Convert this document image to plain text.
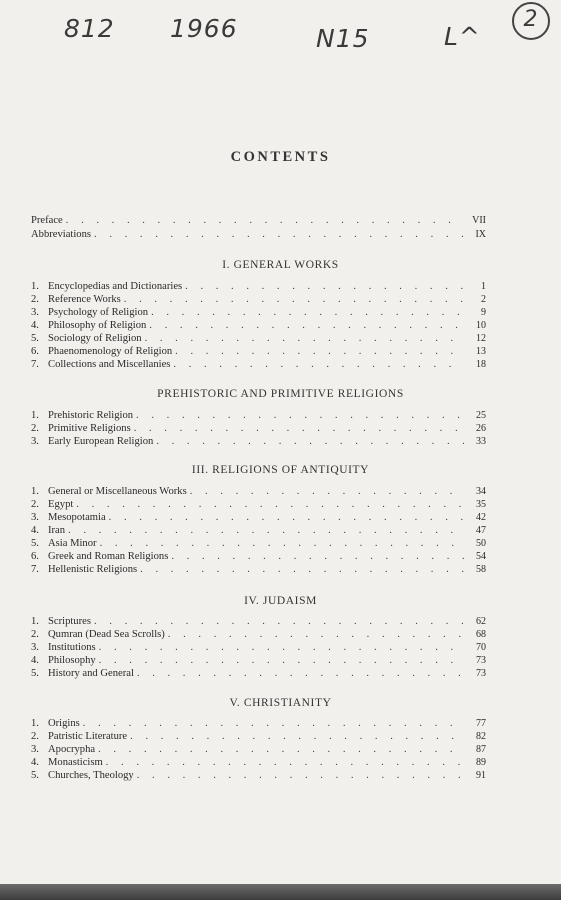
812 1966	N15	L^
2
CONTENTS
Preface . . .	VII
Abbreviations . . .	IX
I. GENERAL WORKS
1. Encyclopedias and Dictionaries . . .	1
2. Reference Works . . .	2
3. Psychology of Religion . . .	9
4. Philosophy of Religion . . .	10
5. Sociology of Religion . . .	12
6. Phaenomenology of Religion . . .	13
7. Collections and Miscellanies . . .	18
PREHISTORIC AND PRIMITIVE RELIGIONS
1. Prehistoric Religion . . .	25
2. Primitive Religions . . .	26
3. Early European Religion . . .	33
III. RELIGIONS OF ANTIQUITY
1. General or Miscellaneous Works . . .	34
2. Egypt . . .	35
3. Mesopotamia . . .	42
4. Iran . . .	47
5. Asia Minor . . .	50
6. Greek and Roman Religions . . .	54
7. Hellenistic Religions . . .	58
IV. JUDAISM
1. Scriptures . . .	62
2. Qumran (Dead Sea Scrolls) . . .	68
3. Institutions . . .	70
4. Philosophy . . .	73
5. History and General . . .	73
V. CHRISTIANITY
1. Origins . . .	77
2. Patristic Literature . . .	82
3. Apocrypha . . .	87
4. Monasticism . . .	89
5. Churches, Theology . . .	91
